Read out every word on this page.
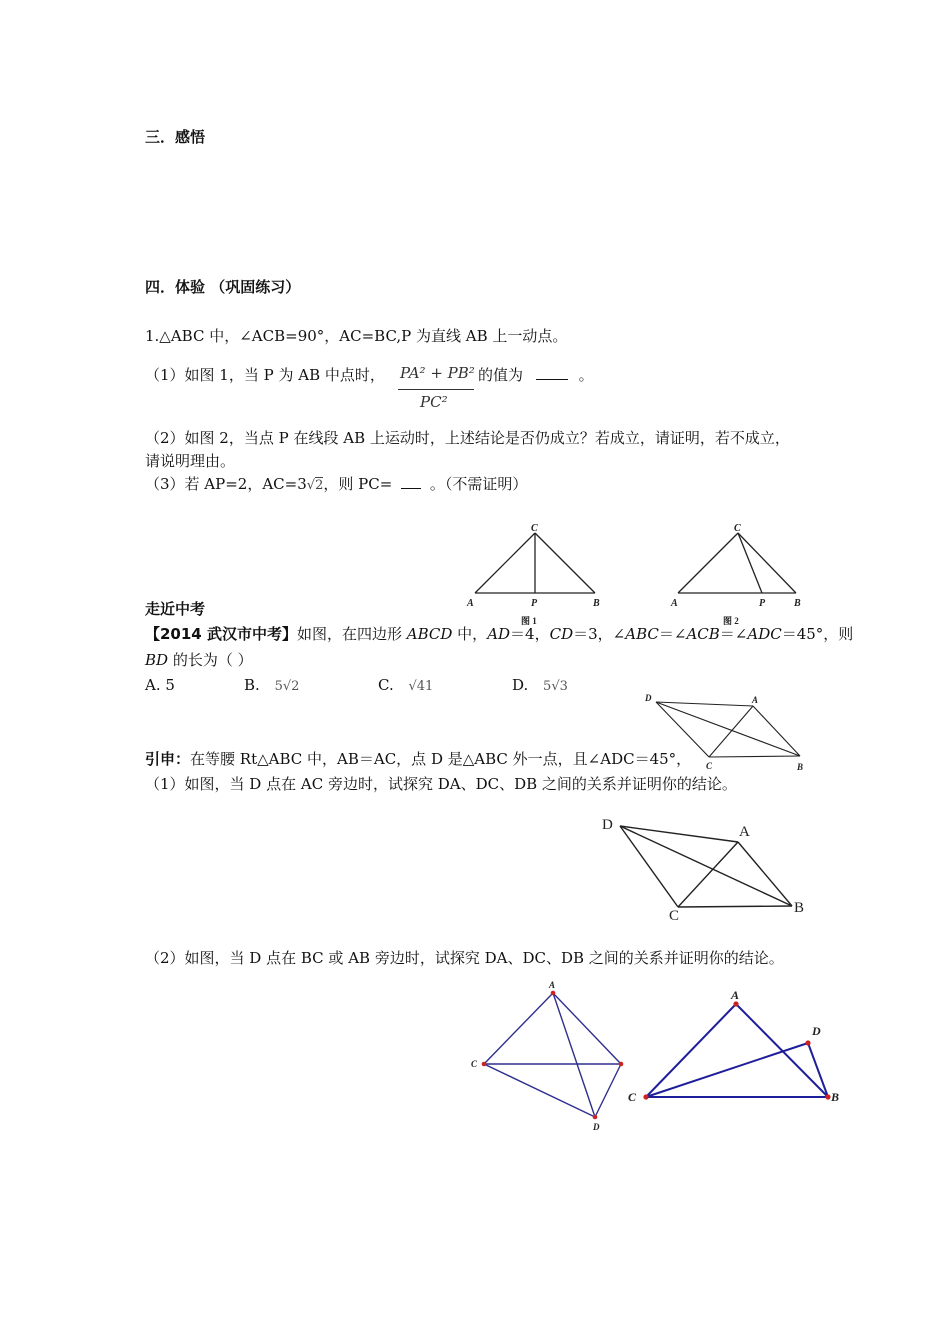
三．感悟
四．体验 （巩固练习）
1.△ABC 中，∠ACB=90°，AC=BC,P 为直线 AB 上一动点。
（1）如图 1，当 P 为 AB 中点时， PA² + PB²
PC²
的值为	。
（2）如图 2，当点 P 在线段 AB 上运动时，上述结论是否仍成立？若成立，请证明，若不成立，
请说明理由。
（3）若 AP=2，AC=3√2，则 PC=	。（不需证明）
C
A	P	B
图 1
C
A	P	B
图 2
走近中考
【2014 武汉市中考】如图，在四边形 ABCD 中，AD＝4，CD＝3，∠ABC＝∠ACB＝∠ADC＝45°，则
BD 的长为（ ）
A. 5	B. 5√2	C. √41	D. 5√3
D	A
C	B
引申：在等腰 Rt△ABC 中，AB＝AC，点 D 是△ABC 外一点，且∠ADC＝45°，
（1）如图，当 D 点在 AC 旁边时，试探究 DA、DC、DB 之间的关系并证明你的结论。
D	A
C	B
（2）如图，当 D 点在 BC 或 AB 旁边时，试探究 DA、DC、DB 之间的关系并证明你的结论。
A
C
D
A
D
C	B
